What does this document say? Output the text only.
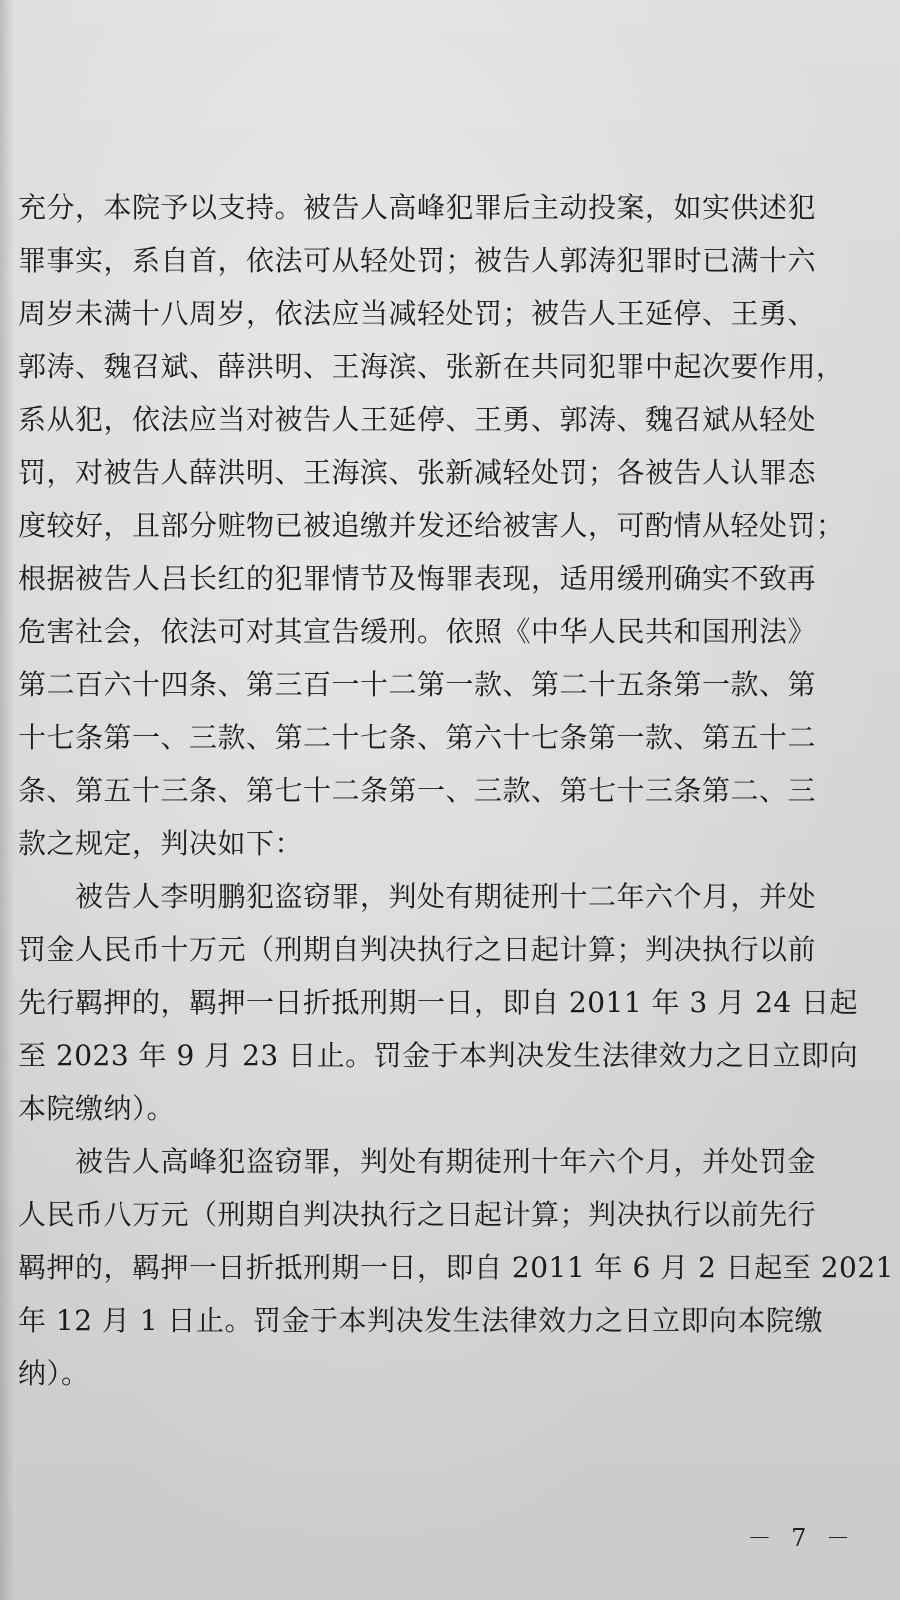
充分，本院予以支持。被告人高峰犯罪后主动投案，如实供述犯

罪事实，系自首，依法可从轻处罚；被告人郭涛犯罪时已满十六

周岁未满十八周岁，依法应当减轻处罚；被告人王延停、王勇、

郭涛、魏召斌、薛洪明、王海滨、张新在共同犯罪中起次要作用，

系从犯，依法应当对被告人王延停、王勇、郭涛、魏召斌从轻处

罚，对被告人薛洪明、王海滨、张新减轻处罚；各被告人认罪态

度较好，且部分赃物已被追缴并发还给被害人，可酌情从轻处罚；

根据被告人吕长红的犯罪情节及悔罪表现，适用缓刑确实不致再

危害社会，依法可对其宣告缓刑。依照《中华人民共和国刑法》

第二百六十四条、第三百一十二第一款、第二十五条第一款、第

十七条第一、三款、第二十七条、第六十七条第一款、第五十二

条、第五十三条、第七十二条第一、三款、第七十三条第二、三

款之规定，判决如下：

　　被告人李明鹏犯盗窃罪，判处有期徒刑十二年六个月，并处

罚金人民币十万元（刑期自判决执行之日起计算；判决执行以前

先行羁押的，羁押一日折抵刑期一日，即自 2011 年 3 月 24 日起

至 2023 年 9 月 23 日止。罚金于本判决发生法律效力之日立即向

本院缴纳）。

　　被告人高峰犯盗窃罪，判处有期徒刑十年六个月，并处罚金

人民币八万元（刑期自判决执行之日起计算；判决执行以前先行

羁押的，羁押一日折抵刑期一日，即自 2011 年 6 月 2 日起至 2021

年 12 月 1 日止。罚金于本判决发生法律效力之日立即向本院缴

纳）。

－ 7 －
